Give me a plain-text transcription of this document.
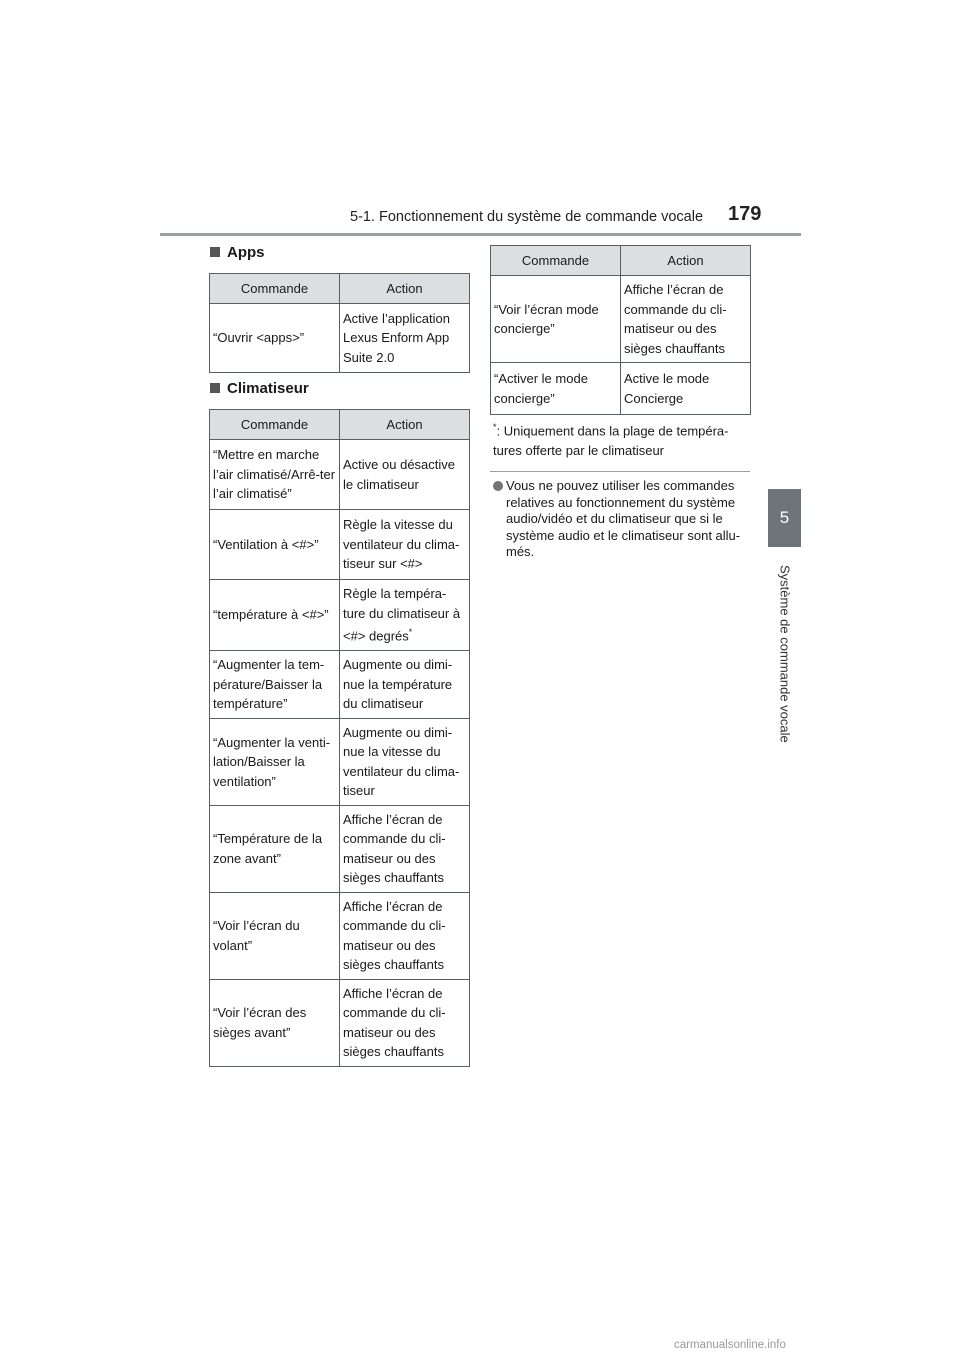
5-1. Fonctionnement du système de commande vocale 179
5
Système de commande vocale
Apps
Commande	Action
“Ouvrir <apps>”	Active l’application Lexus Enform App Suite 2.0
Climatiseur
Commande	Action
“Mettre en marche l’air climatisé/Arrê-ter l’air climatisé”	Active ou désactive le climatiseur
“Ventilation à <#>”	Règle la vitesse du ventilateur du clima-tiseur sur <#>
“température à <#>”	Règle la tempéra-ture du climatiseur à <#> degrés*
“Augmenter la tem-pérature/Baisser la température”	Augmente ou dimi-nue la température du climatiseur
“Augmenter la venti-lation/Baisser la ventilation”	Augmente ou dimi-nue la vitesse du ventilateur du clima-tiseur
“Température de la zone avant”	Affiche l’écran de commande du cli-matiseur ou des sièges chauffants
“Voir l’écran du volant”	Affiche l’écran de commande du cli-matiseur ou des sièges chauffants
“Voir l’écran des sièges avant”	Affiche l’écran de commande du cli-matiseur ou des sièges chauffants
Commande	Action
“Voir l’écran mode concierge”	Affiche l’écran de commande du cli-matiseur ou des sièges chauffants
“Activer le mode concierge”	Active le mode Concierge
*: Uniquement dans la plage de tempéra-tures offerte par le climatiseur
Vous ne pouvez utiliser les commandes relatives au fonctionnement du système audio/vidéo et du climatiseur que si le système audio et le climatiseur sont allu-més.
carmanualsonline.info
